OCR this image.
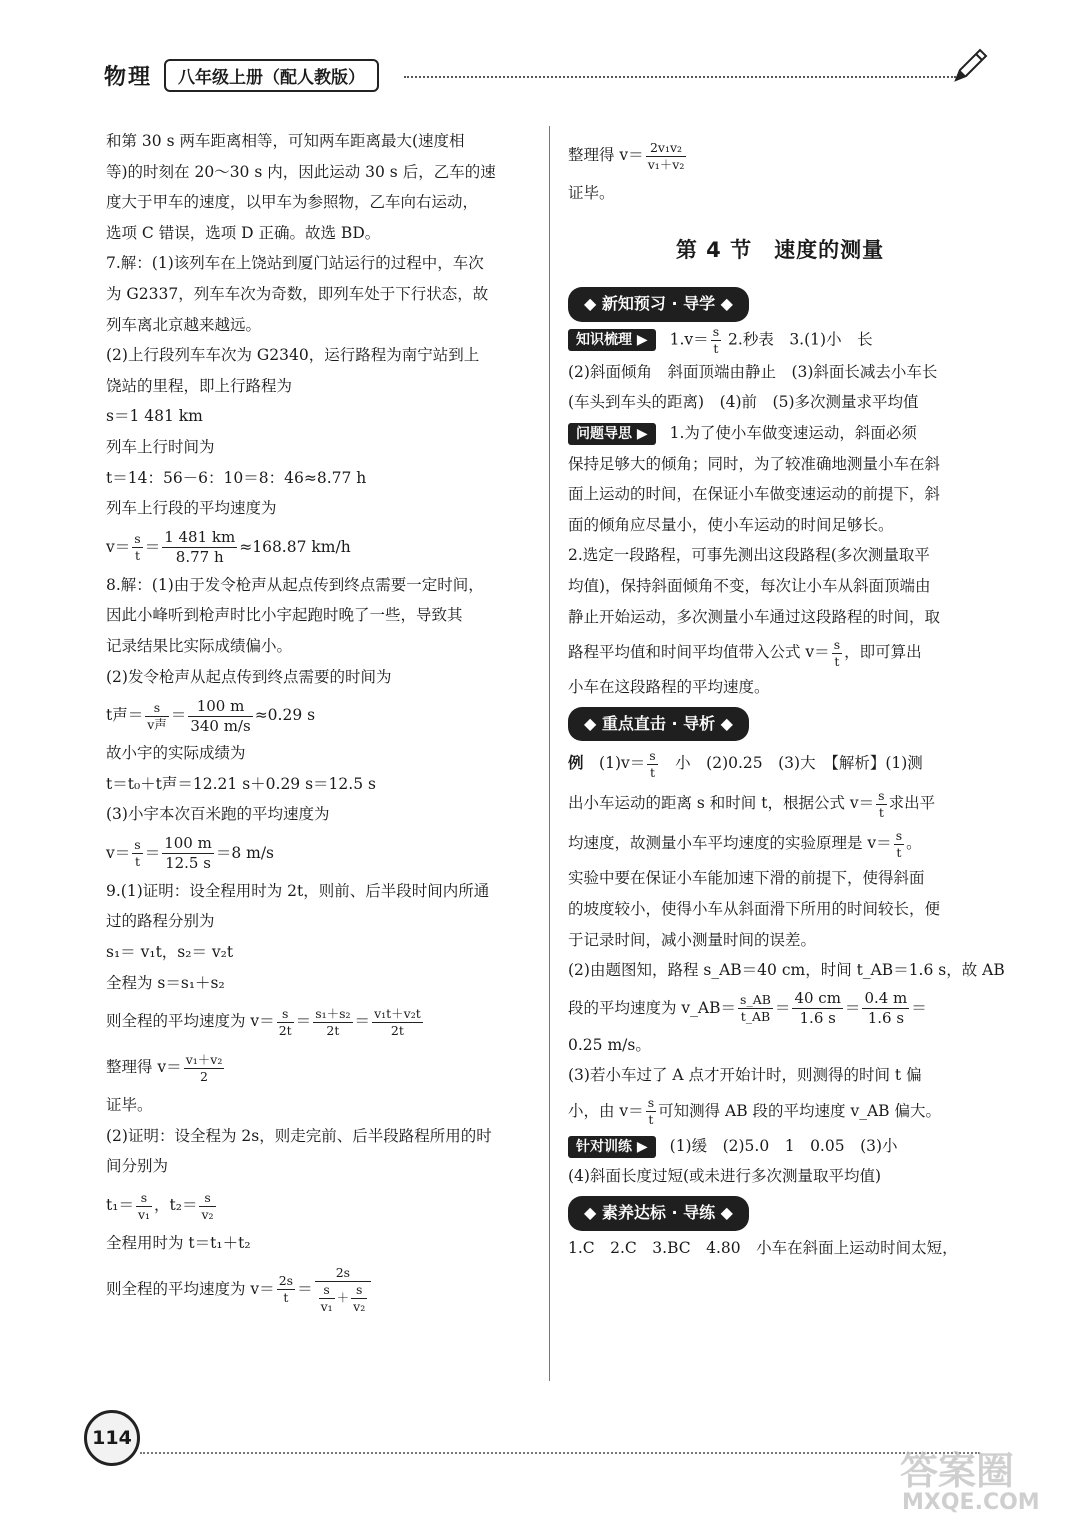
物理	八年级上册（配人教版）

和第 30 s 两车距离相等，可知两车距离最大(速度相

等)的时刻在 20～30 s 内，因此运动 30 s 后，乙车的速

度大于甲车的速度，以甲车为参照物，乙车向右运动，

选项 C 错误，选项 D 正确。故选 BD。

7.解：(1)该列车在上饶站到厦门站运行的过程中，车次

为 G2337，列车车次为奇数，即列车处于下行状态，故

列车离北京越来越远。

(2)上行段列车车次为 G2340，运行路程为南宁站到上

饶站的里程，即上行路程为

s＝1 481 km

列车上行时间为

t＝14：56－6：10＝8：46≈8.77 h

列车上行段的平均速度为

$v= \frac{s}{t} = \frac{1 481 km}{8.77 h} \approx 168.87$ km/h

8.解：(1)由于发令枪声从起点传到终点需要一定时间，

因此小峰听到枪声时比小宇起跑时晚了一些，导致其

记录结果比实际成绩偏小。

(2)发令枪声从起点传到终点需要的时间为

t声＝ s
v声 ＝ $\frac{100 m}{340 m/s} \approx 0.29$ s

故小宇的实际成绩为

t＝t₀＋t声＝12.21 s＋0.29 s＝12.5 s

(3)小宇本次百米跑的平均速度为

$v= \frac{s}{t} = \frac{100 m}{12.5 s} =8$ m/s

9.(1)证明：设全程用时为 2t，则前、后半段时间内所通

过的路程分别为

s₁＝ v₁t，s₂＝ v₂t

全程为 s＝s₁＋s₂

则全程的平均速度为 $v= \frac{s}{2t} = \frac{\text{s₁＋s₂}}{2t} = \frac{\text{v₁t＋v₂t}}{2t}$

整理得 $v= \frac{\text{v₁＋v₂}}{2}$

证毕。

(2)证明：设全程为 2s，则走完前、后半段路程所用的时

间分别为

$t_1= \frac{s}{\text{v₁}}$ ，$t_2= \frac{s}{\text{v₂}}$

全程用时为 t＝t₁＋t₂

则全程的平均速度为 $v= \frac{2s}{t} = \frac{2s}{\frac{s}{\text{v₁}} + \frac{s}{\text{v₂}}}$

整理得 $v= \frac{\text{2v₁v₂}}{\text{v₁＋v₂}}$

证毕。

第 4 节　速度的测量
◆ 新知预习 · 导学 ◆

知识梳理 ▶ $1.v= \frac{s}{t} 2$.秒表　3.(1)小　长

(2)斜面倾角　斜面顶端由静止　(3)斜面长减去小车长

(车头到车头的距离)　(4)前　(5)多次测量求平均值

问题导思 ▶ 1.为了使小车做变速运动，斜面必须

保持足够大的倾角；同时，为了较准确地测量小车在斜

面上运动的时间，在保证小车做变速运动的前提下，斜

面的倾角应尽量小，使小车运动的时间足够长。

2.选定一段路程，可事先测出这段路程(多次测量取平

均值)，保持斜面倾角不变，每次让小车从斜面顶端由

静止开始运动，多次测量小车通过这段路程的时间，取

路程平均值和时间平均值带入公式 $v= \frac{s}{t}$ ，即可算出

小车在这段路程的平均速度。

◆ 重点直击 · 导析 ◆

例　 $(1)v= \frac{s}{t}$ 　小　(2)0.25　(3)大　【解析】(1)测

出小车运动的距离 s 和时间 t，根据公式 $v= \frac{s}{t}$ 求出平

均速度，故测量小车平均速度的实验原理是 $v= \frac{s}{t}$ 。

实验中要在保证小车能加速下滑的前提下，使得斜面

的坡度较小，使得小车从斜面滑下所用的时间较长，便

于记录时间，减小测量时间的误差。

(2)由题图知，路程 s_AB＝40 cm，时间 t_AB＝1.6 s，故 AB

段的平均速度为 v_AB＝ $\frac{s\_AB}{t\_AB} = \frac{40 cm}{1.6 s} = \frac{0.4 m}{1.6 s}$ ＝

0.25 m/s。

(3)若小车过了 A 点才开始计时，则测得的时间 t 偏

小，由 $v= \frac{s}{t}$ 可知测得 AB 段的平均速度 v_AB 偏大。

针对训练 ▶ (1)缓　(2)5.0　1　0.05　(3)小

(4)斜面长度过短(或未进行多次测量取平均值)

◆ 素养达标 · 导练 ◆

1.C　2.C　3.BC　4.80　小车在斜面上运动时间太短，

114
答案圈
MXQE.COM
